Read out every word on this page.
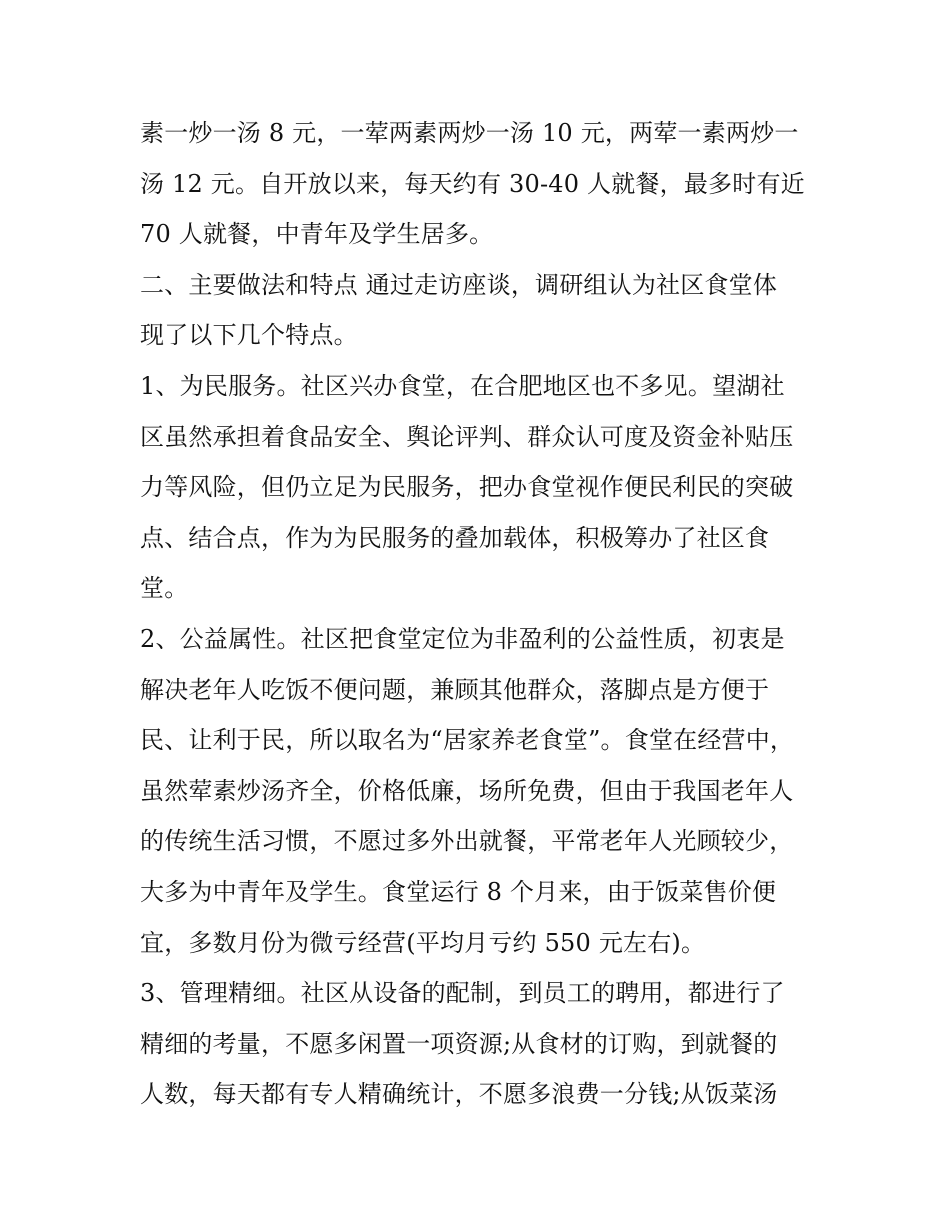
素一炒一汤 8 元，一荤两素两炒一汤 10 元，两荤一素两炒一
汤 12 元。自开放以来，每天约有 30-40 人就餐，最多时有近
70 人就餐，中青年及学生居多。
二、主要做法和特点 通过走访座谈，调研组认为社区食堂体
现了以下几个特点。
1、为民服务。社区兴办食堂，在合肥地区也不多见。望湖社
区虽然承担着食品安全、舆论评判、群众认可度及资金补贴压
力等风险，但仍立足为民服务，把办食堂视作便民利民的突破
点、结合点，作为为民服务的叠加载体，积极筹办了社区食
堂。
2、公益属性。社区把食堂定位为非盈利的公益性质，初衷是
解决老年人吃饭不便问题，兼顾其他群众，落脚点是方便于
民、让利于民，所以取名为“居家养老食堂”。食堂在经营中，
虽然荤素炒汤齐全，价格低廉，场所免费，但由于我国老年人
的传统生活习惯，不愿过多外出就餐，平常老年人光顾较少，
大多为中青年及学生。食堂运行 8 个月来，由于饭菜售价便
宜，多数月份为微亏经营(平均月亏约 550 元左右)。
3、管理精细。社区从设备的配制，到员工的聘用，都进行了
精细的考量，不愿多闲置一项资源;从食材的订购，到就餐的
人数，每天都有专人精确统计，不愿多浪费一分钱;从饭菜汤
